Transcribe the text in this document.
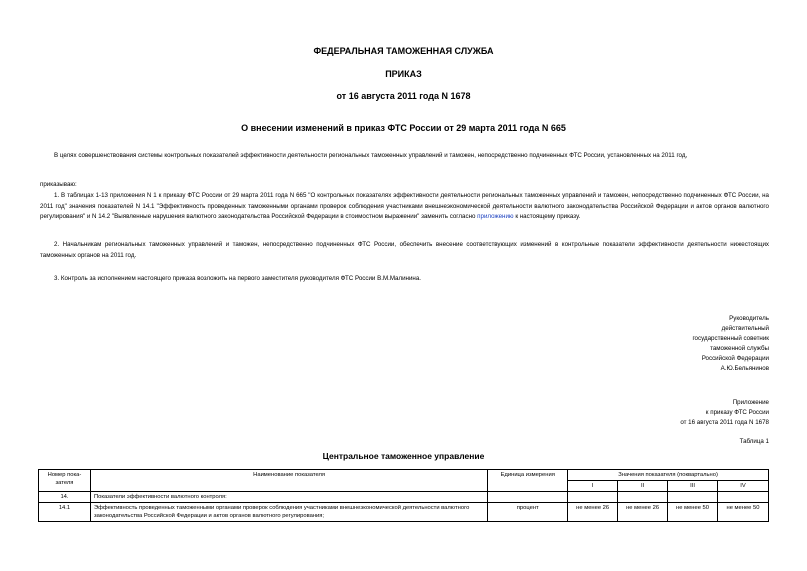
ФЕДЕРАЛЬНАЯ ТАМОЖЕННАЯ СЛУЖБА
ПРИКАЗ
от 16 августа 2011 года N 1678
О внесении изменений в приказ ФТС России от 29 марта 2011 года N 665
В целях совершенствования системы контрольных показателей эффективности деятельности региональных таможенных управлений и таможен, непосредственно подчиненных ФТС России, установленных на 2011 год,
приказываю:
1. В таблицах 1-13 приложения N 1 к приказу ФТС России от 29 марта 2011 года N 665 "О контрольных показателях эффективности деятельности региональных таможенных управлений и таможен, непосредственно подчиненных ФТС России, на 2011 год" значения показателей N 14.1 "Эффективность проведенных таможенными органами проверок соблюдения участниками внешнеэкономической деятельности валютного законодательства Российской Федерации и актов органов валютного регулирования" и N 14.2 "Выявленные нарушения валютного законодательства Российской Федерации в стоимостном выражении" заменить согласно приложению к настоящему приказу.
2. Начальникам региональных таможенных управлений и таможен, непосредственно подчиненных ФТС России, обеспечить внесение соответствующих изменений в контрольные показатели эффективности деятельности нижестоящих таможенных органов на 2011 год.
3. Контроль за исполнением настоящего приказа возложить на первого заместителя руководителя ФТС России В.М.Малинина.
Руководитель
действительный
государственный советник
таможенной службы
Российской Федерации
А.Ю.Бельянинов
Приложение
к приказу ФТС России
от 16 августа 2011 года N 1678
Таблица 1
Центральное таможенное управление
Номер пока-
зателя	Наименование показателя	Единица измерения	Значения показателя (поквартально)			
			I	II	III	IV
14.	Показатели эффективности валютного контроля:					
14.1	Эффективность проведенных таможенными органами проверок соблюдения участниками внешнеэкономической деятельности валютного законодательства Российской Федерации и актов органов валютного регулирования;	процент	не менее 26	не менее 26	не менее 50	не менее 50
